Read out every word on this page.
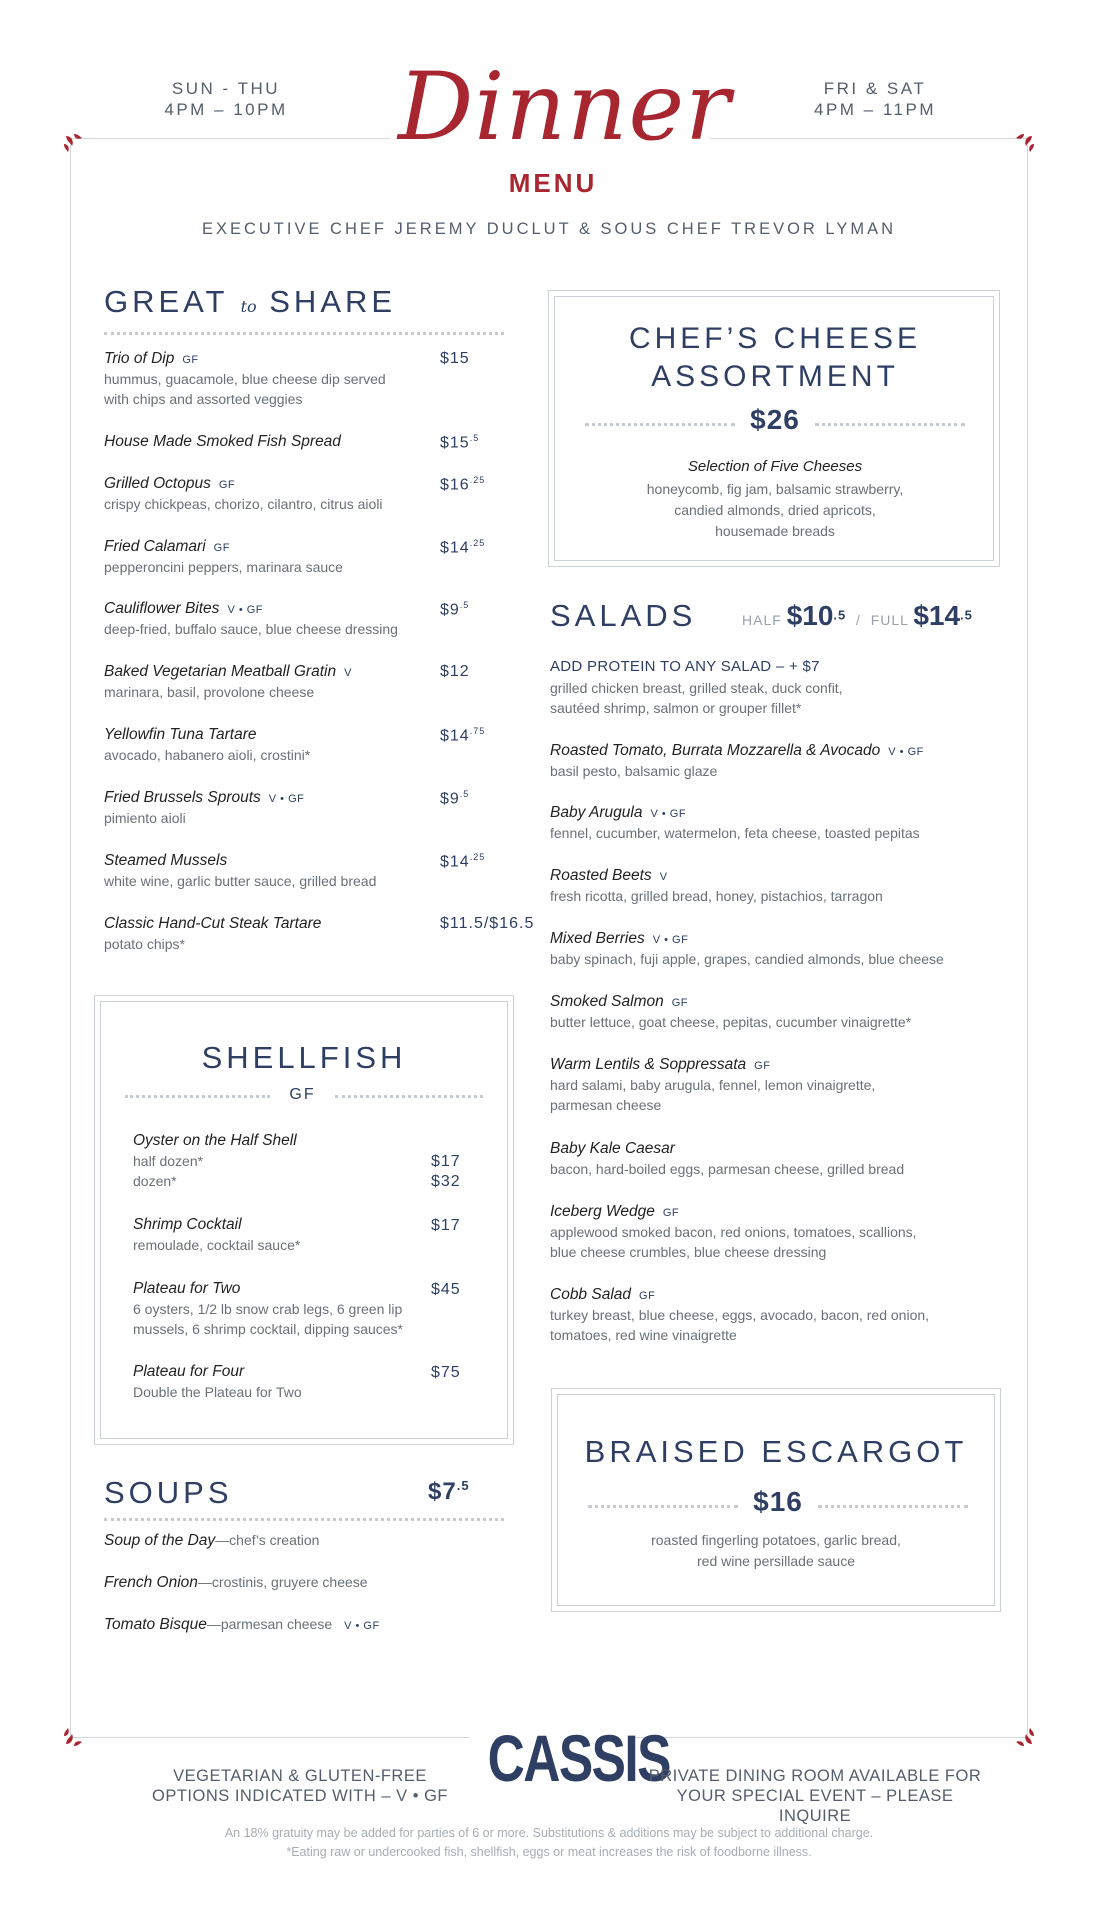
SUN - THU
4PM – 10PM
FRI & SAT
4PM – 11PM
Dinner
MENU
EXECUTIVE CHEF JEREMY DUCLUT & SOUS CHEF TREVOR LYMAN
GREAT to SHARE
Trio of Dip GF
hummus, guacamole, blue cheese dip served
with chips and assorted veggies
$15
House Made Smoked Fish Spread	$\$15^{.5}$
Grilled Octopus GF
crispy chickpeas, chorizo, cilantro, citrus aioli
$\$16^{.25}$
Fried Calamari GF
pepperoncini peppers, marinara sauce
$\$14^{.25}$
Cauliflower Bites V • GF
deep-fried, buffalo sauce, blue cheese dressing
$\$9^{.5}$
Baked Vegetarian Meatball Gratin V
marinara, basil, provolone cheese
$12
Yellowfin Tuna Tartare
avocado, habanero aioli, crostini*
$\$14^{.75}$
Fried Brussels Sprouts V • GF
pimiento aioli
$\$9^{.5}$
Steamed Mussels
white wine, garlic butter sauce, grilled bread
$\$14^{.25}$
Classic Hand-Cut Steak Tartare
potato chips*
$11.5/$16.5
CHEF’S CHEESE
ASSORTMENT
$26
Selection of Five Cheeses
honeycomb, fig jam, balsamic strawberry,
candied almonds, dried apricots,
housemade breads
SALADS	HALF $\$10^{.5}$ / FULL $\$14^{.5}$
ADD PROTEIN TO ANY SALAD – + $7
grilled chicken breast, grilled steak, duck confit,
sautéed shrimp, salmon or grouper fillet*
Roasted Tomato, Burrata Mozzarella & Avocado V • GF
basil pesto, balsamic glaze
Baby Arugula V • GF
fennel, cucumber, watermelon, feta cheese, toasted pepitas
Roasted Beets V
fresh ricotta, grilled bread, honey, pistachios, tarragon
Mixed Berries V • GF
baby spinach, fuji apple, grapes, candied almonds, blue cheese
Smoked Salmon GF
butter lettuce, goat cheese, pepitas, cucumber vinaigrette*
Warm Lentils & Soppressata GF
hard salami, baby arugula, fennel, lemon vinaigrette,
parmesan cheese
Baby Kale Caesar
bacon, hard-boiled eggs, parmesan cheese, grilled bread
Iceberg Wedge GF
applewood smoked bacon, red onions, tomatoes, scallions,
blue cheese crumbles, blue cheese dressing
Cobb Salad GF
turkey breast, blue cheese, eggs, avocado, bacon, red onion,
tomatoes, red wine vinaigrette
SHELLFISH
GF
Oyster on the Half Shell
half dozen*
dozen*
$17
$32
Shrimp Cocktail
remoulade, cocktail sauce*
$17
Plateau for Two
6 oysters, 1/2 lb snow crab legs, 6 green lip
mussels, 6 shrimp cocktail, dipping sauces*
$45
Plateau for Four
Double the Plateau for Two
$75
SOUPS	$\$7^{.5}$
Soup of the Day —chef’s creation
French Onion —crostinis, gruyere cheese
Tomato Bisque —parmesan cheese V • GF
BRAISED ESCARGOT
$16
roasted fingerling potatoes, garlic bread,
red wine persillade sauce
VEGETARIAN & GLUTEN-FREE
OPTIONS INDICATED WITH – V • GF
CASSIS
PRIVATE DINING ROOM AVAILABLE FOR
YOUR SPECIAL EVENT – PLEASE INQUIRE
An 18% gratuity may be added for parties of 6 or more. Substitutions & additions may be subject to additional charge.
*Eating raw or undercooked fish, shellfish, eggs or meat increases the risk of foodborne illness.
